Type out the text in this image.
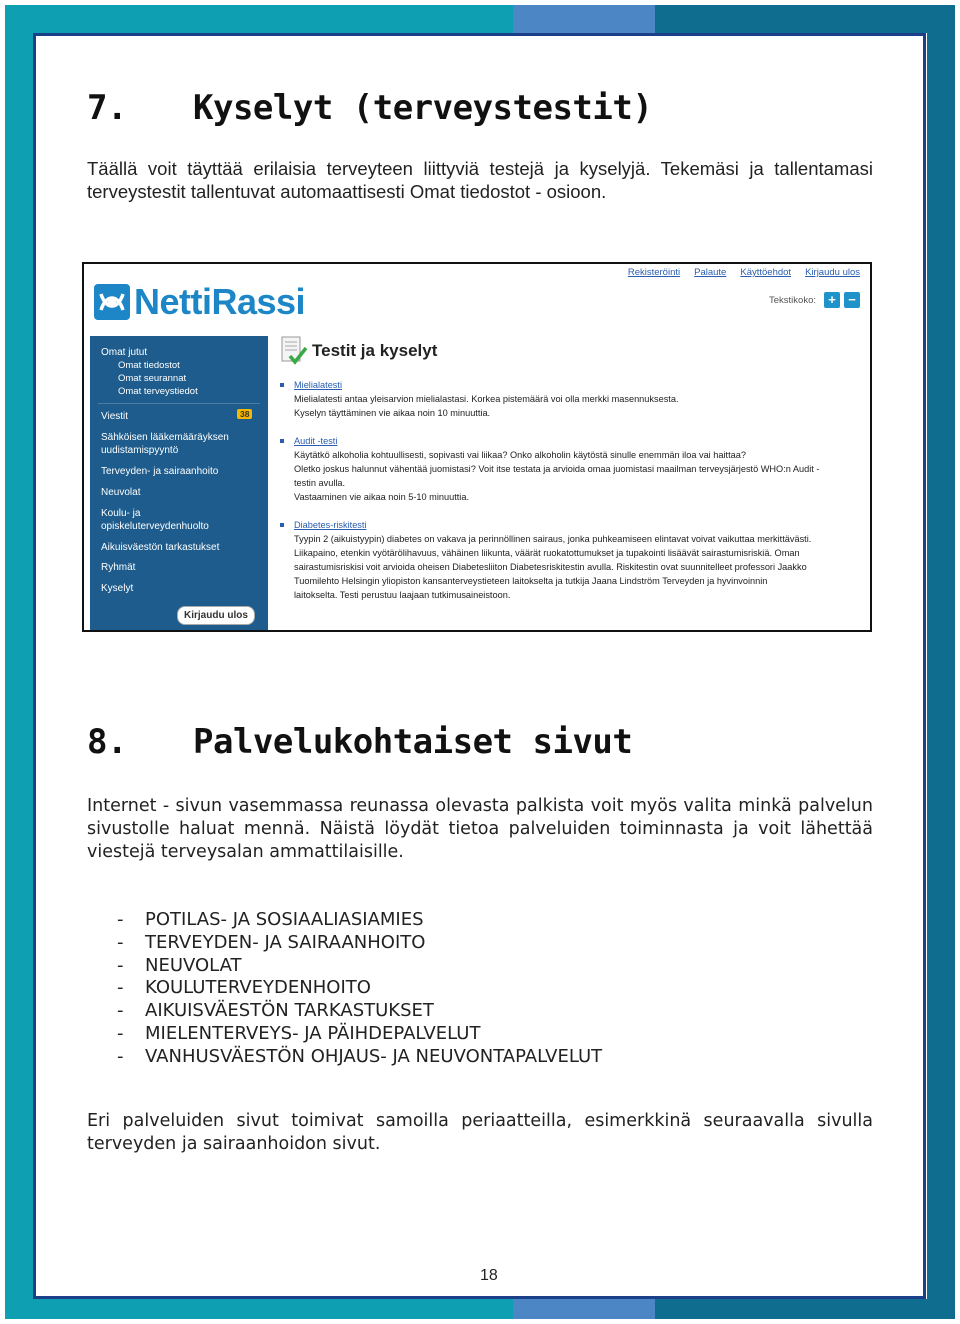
7. Kyselyt (terveystestit)
Täällä voit täyttää erilaisia terveyteen liittyviä testejä ja kyselyjä. Tekemäsi ja tallentamasi terveystestit tallentuvat automaattisesti Omat tiedostot - osioon.
Rekisteröinti Palaute Käyttöehdot Kirjaudu ulos
NettiRassi	Tekstikoko: + −
Omat jutut
Omat tiedostot
Omat seurannat
Omat terveystiedot
Viestit	38
Sähköisen lääkemääräyksen
uudistamispyyntö
Terveyden- ja sairaanhoito
Neuvolat
Koulu- ja
opiskeluterveydenhuolto
Aikuisväestön tarkastukset
Ryhmät
Kyselyt
Kirjaudu ulos
Testit ja kyselyt
Mielialatesti
Mielialatesti antaa yleisarvion mielialastasi. Korkea pistemäärä voi olla merkki masennuksesta.
Kyselyn täyttäminen vie aikaa noin 10 minuuttia.
Audit -testi
Käytätkö alkoholia kohtuullisesti, sopivasti vai liikaa? Onko alkoholin käytöstä sinulle enemmän iloa vai haittaa?
Oletko joskus halunnut vähentää juomistasi? Voit itse testata ja arvioida omaa juomistasi maailman terveysjärjestö WHO:n Audit -
testin avulla.
Vastaaminen vie aikaa noin 5-10 minuuttia.
Diabetes-riskitesti
Tyypin 2 (aikuistyypin) diabetes on vakava ja perinnöllinen sairaus, jonka puhkeamiseen elintavat voivat vaikuttaa merkittävästi.
Liikapaino, etenkin vyötärölihavuus, vähäinen liikunta, väärät ruokatottumukset ja tupakointi lisäävät sairastumisriskiä. Oman
sairastumisriskisi voit arvioida oheisen Diabetesliiton Diabetesriskitestin avulla. Riskitestin ovat suunnitelleet professori Jaakko
Tuomilehto Helsingin yliopiston kansanterveystieteen laitokselta ja tutkija Jaana Lindström Terveyden ja hyvinvoinnin
laitokselta. Testi perustuu laajaan tutkimusaineistoon.
8. Palvelukohtaiset sivut
Internet - sivun vasemmassa reunassa olevasta palkista voit myös valita minkä palvelun sivustolle haluat mennä. Näistä löydät tietoa palveluiden toiminnasta ja voit lähettää viestejä terveysalan ammattilaisille.
- POTILAS- JA SOSIAALIASIAMIES
- TERVEYDEN- JA SAIRAANHOITO
- NEUVOLAT
- KOULUTERVEYDENHOITO
- AIKUISVÄESTÖN TARKASTUKSET
- MIELENTERVEYS- JA PÄIHDEPALVELUT
- VANHUSVÄESTÖN OHJAUS- JA NEUVONTAPALVELUT
Eri palveluiden sivut toimivat samoilla periaatteilla, esimerkkinä seuraavalla sivulla terveyden ja sairaanhoidon sivut.
18
